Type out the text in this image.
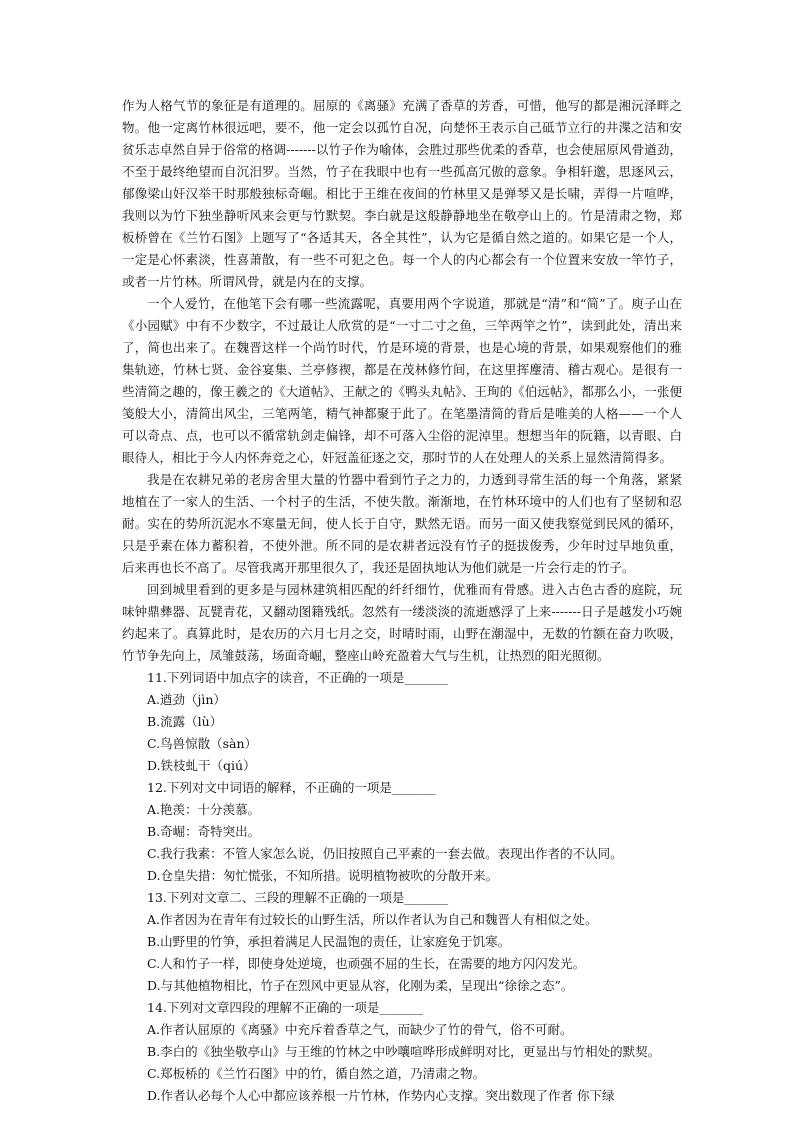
作为人格气节的象征是有道理的。屈原的《离骚》充满了香草的芳香，可惜，他写的都是湘沅泽畔之物。他一定离竹林很远吧，要不，他一定会以孤竹自况，向楚怀王表示自己砥节立行的井渫之洁和安贫乐志卓然自异于俗常的格调-------以竹子作为喻体，会胜过那些优柔的香草，也会使屈原风骨遒劲，不至于最终绝望而自沉汨罗。当然，竹子在我眼中也有一些孤高冗傲的意象。争相轩邈，思逐风云，郁像梁山奸汉举干时那般独标奇崛。相比于王维在夜间的竹林里又是弹琴又是长啸，弄得一片喧哗，我则以为竹下独坐静听风来会更与竹默契。李白就是这般静静地坐在敬亭山上的。竹是清肃之物，郑板桥曾在《兰竹石图》上题写了“各适其天，各全其性”，认为它是循自然之道的。如果它是一个人，一定是心怀素淡，性喜萧散，有一些不可犯之色。每一个人的内心都会有一个位置来安放一竿竹子，或者一片竹林。所谓风骨，就是内在的支撑。

一个人爱竹，在他笔下会有哪一些流露呢，真要用两个字说道，那就是“清”和“简”了。庾子山在《小园赋》中有不少数字，不过最让人欣赏的是“一寸二寸之鱼，三竿两竿之竹”，读到此处，清出来了，简也出来了。在魏晋这样一个尚竹时代，竹是环境的背景，也是心境的背景，如果观察他们的雅集轨迹，竹林七贤、金谷宴集、兰亭修禊，都是在茂林修竹间，在这里挥麈清、稽古观心。是很有一些清简之趣的，像王羲之的《大道帖》、王献之的《鸭头丸帖》、王珣的《伯远帖》，都那么小，一张便笺般大小，清简出风尘，三笔两笔，精气神都聚于此了。在笔墨清简的背后是唯美的人格——一个人可以奇点、点，也可以不循常轨剑走偏锋，却不可落入尘俗的泥淖里。想想当年的阮籍，以青眼、白眼待人，相比于今人内怀奔竞之心，奸冠盖征逐之交，那时节的人在处理人的关系上显然清简得多。

我是在农耕兄弟的老房舍里大量的竹器中看到竹子之力的，力透到寻常生活的每一个角落，紧紧地植在了一家人的生活、一个村子的生活，不使失散。渐渐地，在竹林环境中的人们也有了坚韧和忍耐。实在的势所沉泥水不寒量无间，使人长于自守，默然无语。而另一面又使我察觉到民风的循环，只是乎素在体力蓄积着，不使外泄。所不同的是农耕者远没有竹子的挺拔俊秀，少年时过早地负重，后来再也长不高了。尽管我离开那里很久了，我还是固执地认为他们就是一片会行走的竹子。

回到城里看到的更多是与园林建筑相匹配的纤纤细竹，优雅而有骨感。进入古色古香的庭院，玩味钟鼎彝器、瓦甓青花，又翻动图籍残纸。忽然有一缕淡淡的流逝感浮了上来-------日子是越发小巧婉约起来了。真算此时，是农历的六月七月之交，时晴时雨，山野在潮湿中，无数的竹额在奋力吹吸，竹节争先向上，凤雏鼓荡，场面奇崛，整座山岭充盈着大气与生机，让热烈的阳光照彻。

11.下列词语中加点字的读音，不正确的一项是_______

A.遒劲（jìn）

B.流露（lù）

C.鸟兽惊散（sàn）

D.铁枝虬干（qiú）

12.下列对文中词语的解释，不正确的一项是_______

A.艳羡：十分羡慕。

B.奇崛：奇特突出。

C.我行我素：不管人家怎么说，仍旧按照自己平素的一套去做。表现出作者的不认同。

D.仓皇失措：匆忙慌张，不知所措。说明植物被吹的分散开来。

13.下列对文章二、三段的理解不正确的一项是_______

A.作者因为在青年有过较长的山野生活，所以作者认为自己和魏晋人有相似之处。

B.山野里的竹笋，承担着满足人民温饱的责任，让家庭免于饥寒。

C.人和竹子一样，即使身处逆境，也顽强不屈的生长，在需要的地方闪闪发光。

D.与其他植物相比，竹子在烈风中更显从容，化刚为柔，呈现出“徐徐之态”。

14.下列对文章四段的理解不正确的一项是_______

A.作者认屈原的《离骚》中充斥着香草之气，而缺少了竹的骨气，俗不可耐。

B.李白的《独坐敬亭山》与王维的竹林之中吵嚷喧哗形成鲜明对比，更显出与竹相处的默契。

C.郑板桥的《兰竹石图》中的竹，循自然之道，乃清肃之物。

D.作者认必每个人心中都应该养根一片竹林，作势内心支撑。突出数现了作者 你下绿
